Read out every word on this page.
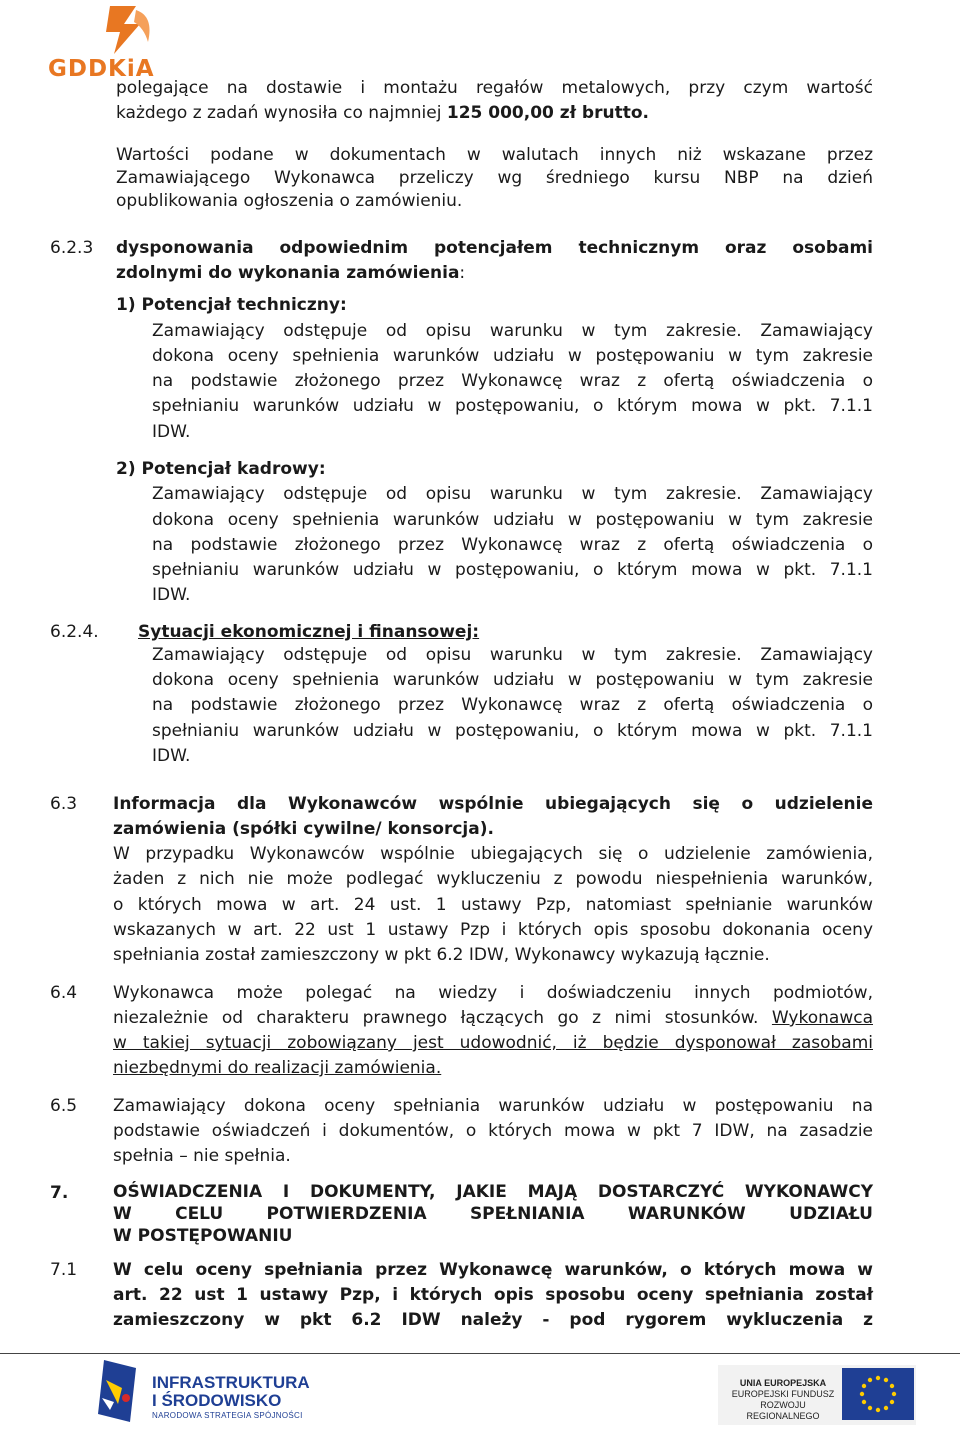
GDDKiA
polegające na dostawie i montażu regałów metalowych, przy czym wartość
każdego z zadań wynosiła co najmniej 125 000,00 zł brutto.
Wartości podane w dokumentach w walutach innych niż wskazane przez
Zamawiającego Wykonawca przeliczy wg średniego kursu NBP na dzień
opublikowania ogłoszenia o zamówieniu.
6.2.3 dysponowania odpowiednim potencjałem technicznym oraz osobami
zdolnymi do wykonania zamówienia:
1) Potencjał techniczny:
Zamawiający odstępuje od opisu warunku w tym zakresie. Zamawiający
dokona oceny spełnienia warunków udziału w postępowaniu w tym zakresie
na podstawie złożonego przez Wykonawcę wraz z ofertą oświadczenia o
spełnianiu warunków udziału w postępowaniu, o którym mowa w pkt. 7.1.1
IDW.
2) Potencjał kadrowy:
Zamawiający odstępuje od opisu warunku w tym zakresie. Zamawiający
dokona oceny spełnienia warunków udziału w postępowaniu w tym zakresie
na podstawie złożonego przez Wykonawcę wraz z ofertą oświadczenia o
spełnianiu warunków udziału w postępowaniu, o którym mowa w pkt. 7.1.1
IDW.
6.2.4. Sytuacji ekonomicznej i finansowej:
Zamawiający odstępuje od opisu warunku w tym zakresie. Zamawiający
dokona oceny spełnienia warunków udziału w postępowaniu w tym zakresie
na podstawie złożonego przez Wykonawcę wraz z ofertą oświadczenia o
spełnianiu warunków udziału w postępowaniu, o którym mowa w pkt. 7.1.1
IDW.
6.3 Informacja dla Wykonawców wspólnie ubiegających się o udzielenie
zamówienia (spółki cywilne/ konsorcja).
W przypadku Wykonawców wspólnie ubiegających się o udzielenie zamówienia,
żaden z nich nie może podlegać wykluczeniu z powodu niespełnienia warunków,
o których mowa w art. 24 ust. 1 ustawy Pzp, natomiast spełnianie warunków
wskazanych w art. 22 ust 1 ustawy Pzp i których opis sposobu dokonania oceny
spełniania został zamieszczony w pkt 6.2 IDW, Wykonawcy wykazują łącznie.
6.4 Wykonawca może polegać na wiedzy i doświadczeniu innych podmiotów,
niezależnie od charakteru prawnego łączących go z nimi stosunków. Wykonawca
w takiej sytuacji zobowiązany jest udowodnić, iż będzie dysponował zasobami
niezbędnymi do realizacji zamówienia.
6.5 Zamawiający dokona oceny spełniania warunków udziału w postępowaniu na
podstawie oświadczeń i dokumentów, o których mowa w pkt 7 IDW, na zasadzie
spełnia – nie spełnia.
7.	OŚWIADCZENIA I DOKUMENTY, JAKIE MAJĄ DOSTARCZYĆ WYKONAWCY
W CELU POTWIERDZENIA SPEŁNIANIA WARUNKÓW UDZIAŁU
W POSTĘPOWANIU
7.1 W celu oceny spełniania przez Wykonawcę warunków, o których mowa w
art. 22 ust 1 ustawy Pzp, i których opis sposobu oceny spełniania został
zamieszczony w pkt 6.2 IDW należy - pod rygorem wykluczenia z
INFRASTRUKTURA
I ŚRODOWISKO
NARODOWA STRATEGIA SPÓJNOŚCI
UNIA EUROPEJSKA
EUROPEJSKI FUNDUSZ
ROZWOJU REGIONALNEGO
